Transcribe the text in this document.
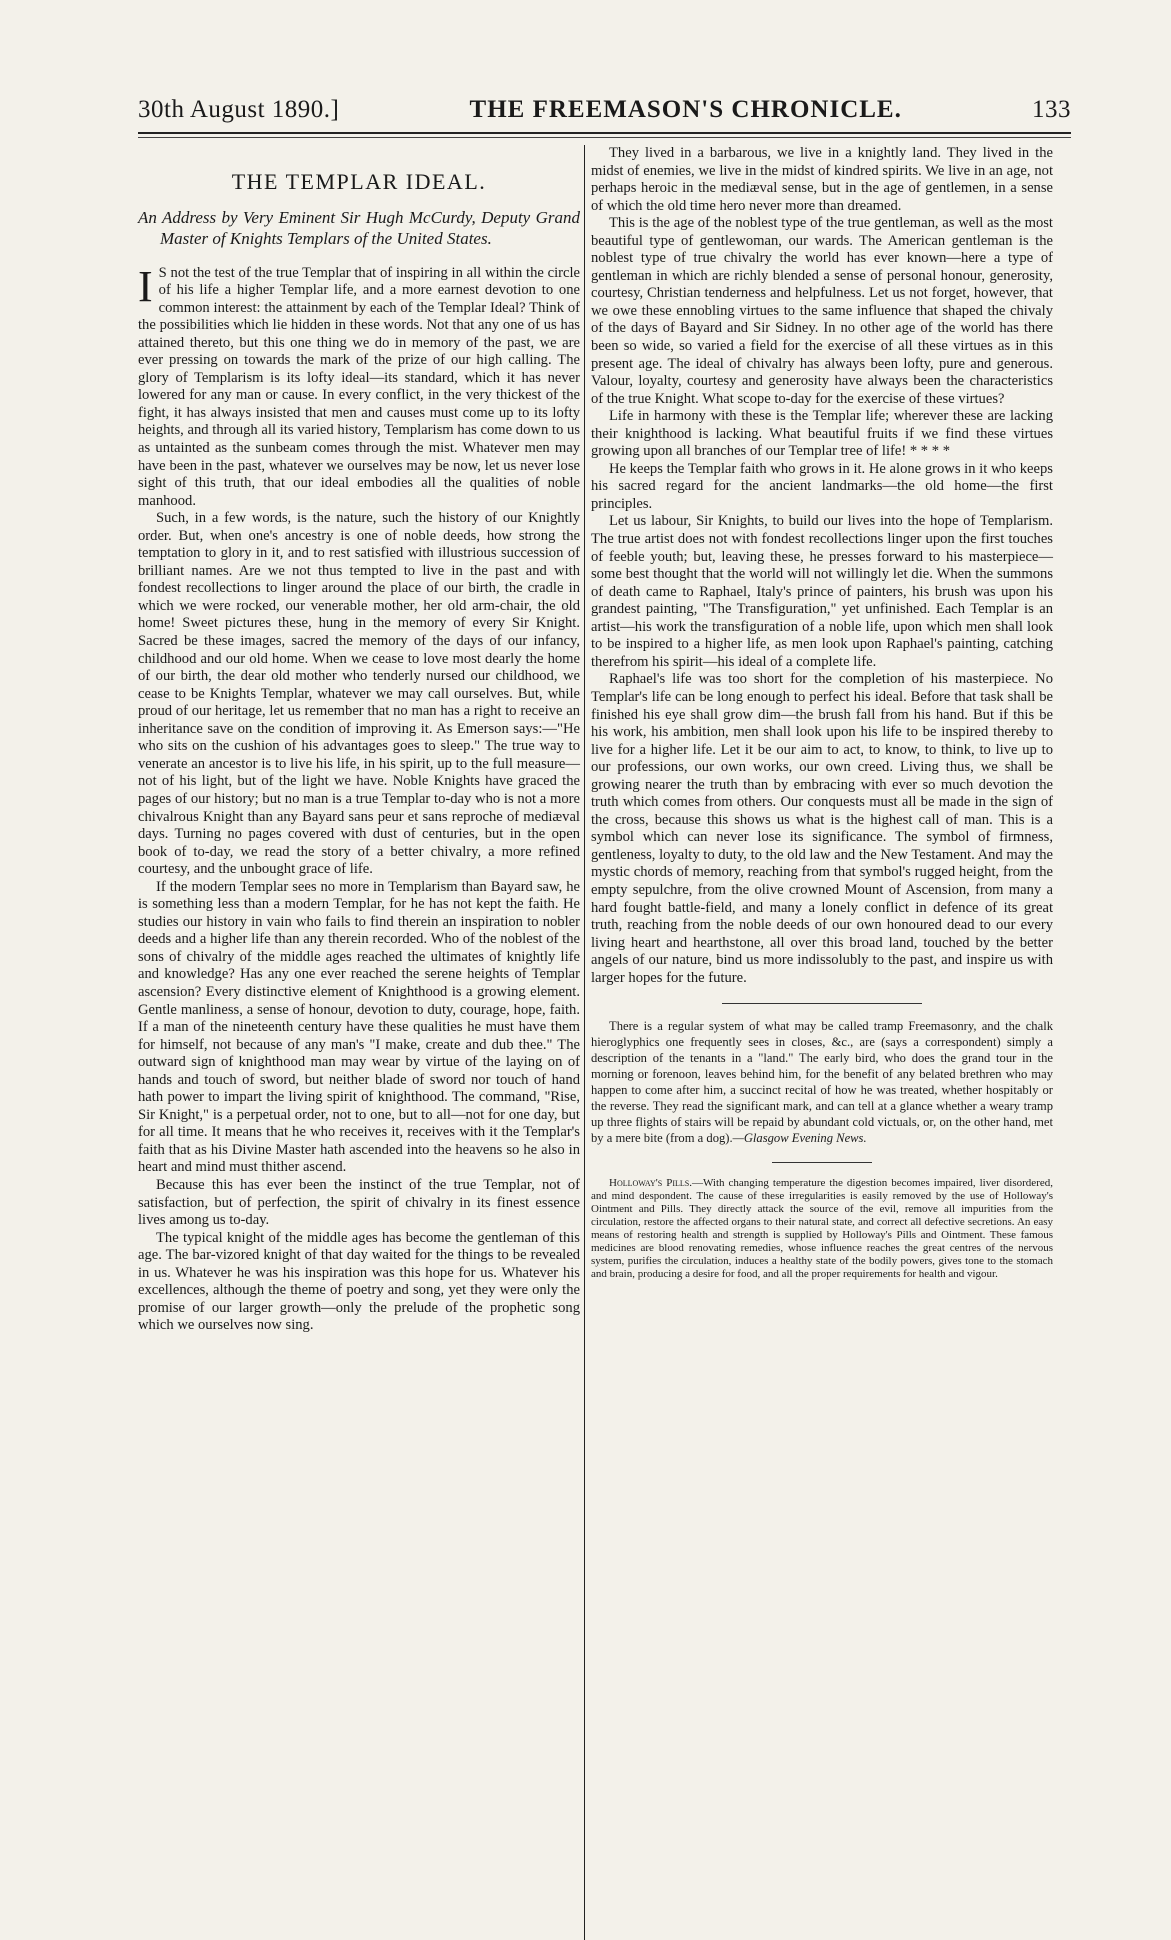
30th August 1890.]	THE FREEMASON'S CHRONICLE.	133
THE TEMPLAR IDEAL.
An Address by Very Eminent Sir Hugh McCurdy, Deputy Grand Master of Knights Templars of the United States.

I S not the test of the true Templar that of inspiring in all within the circle of his life a higher Templar life, and a more earnest devotion to one common interest: the attainment by each of the Templar Ideal? Think of the possibilities which lie hidden in these words. Not that any one of us has attained thereto, but this one thing we do in memory of the past, we are ever pressing on towards the mark of the prize of our high calling. The glory of Templarism is its lofty ideal—its standard, which it has never lowered for any man or cause. In every conflict, in the very thickest of the fight, it has always insisted that men and causes must come up to its lofty heights, and through all its varied history, Templarism has come down to us as untainted as the sunbeam comes through the mist. Whatever men may have been in the past, whatever we ourselves may be now, let us never lose sight of this truth, that our ideal embodies all the qualities of noble manhood.

Such, in a few words, is the nature, such the history of our Knightly order. But, when one's ancestry is one of noble deeds, how strong the temptation to glory in it, and to rest satisfied with illustrious succession of brilliant names. Are we not thus tempted to live in the past and with fondest recollections to linger around the place of our birth, the cradle in which we were rocked, our venerable mother, her old arm-chair, the old home! Sweet pictures these, hung in the memory of every Sir Knight. Sacred be these images, sacred the memory of the days of our infancy, childhood and our old home. When we cease to love most dearly the home of our birth, the dear old mother who tenderly nursed our childhood, we cease to be Knights Templar, whatever we may call ourselves. But, while proud of our heritage, let us remember that no man has a right to receive an inheritance save on the condition of improving it. As Emerson says:—"He who sits on the cushion of his advantages goes to sleep." The true way to venerate an ancestor is to live his life, in his spirit, up to the full measure—not of his light, but of the light we have. Noble Knights have graced the pages of our history; but no man is a true Templar to-day who is not a more chivalrous Knight than any Bayard sans peur et sans reproche of mediæval days. Turning no pages covered with dust of centuries, but in the open book of to-day, we read the story of a better chivalry, a more refined courtesy, and the unbought grace of life.

If the modern Templar sees no more in Templarism than Bayard saw, he is something less than a modern Templar, for he has not kept the faith. He studies our history in vain who fails to find therein an inspiration to nobler deeds and a higher life than any therein recorded. Who of the noblest of the sons of chivalry of the middle ages reached the ultimates of knightly life and knowledge? Has any one ever reached the serene heights of Templar ascension? Every distinctive element of Knighthood is a growing element. Gentle manliness, a sense of honour, devotion to duty, courage, hope, faith. If a man of the nineteenth century have these qualities he must have them for himself, not because of any man's "I make, create and dub thee." The outward sign of knighthood man may wear by virtue of the laying on of hands and touch of sword, but neither blade of sword nor touch of hand hath power to impart the living spirit of knighthood. The command, "Rise, Sir Knight," is a perpetual order, not to one, but to all—not for one day, but for all time. It means that he who receives it, receives with it the Templar's faith that as his Divine Master hath ascended into the heavens so he also in heart and mind must thither ascend.

Because this has ever been the instinct of the true Templar, not of satisfaction, but of perfection, the spirit of chivalry in its finest essence lives among us to-day.

The typical knight of the middle ages has become the gentleman of this age. The bar-vizored knight of that day waited for the things to be revealed in us. Whatever he was his inspiration was this hope for us. Whatever his excellences, although the theme of poetry and song, yet they were only the promise of our larger growth—only the prelude of the prophetic song which we ourselves now sing.

They lived in a barbarous, we live in a knightly land. They lived in the midst of enemies, we live in the midst of kindred spirits. We live in an age, not perhaps heroic in the mediæval sense, but in the age of gentlemen, in a sense of which the old time hero never more than dreamed.

This is the age of the noblest type of the true gentleman, as well as the most beautiful type of gentlewoman, our wards. The American gentleman is the noblest type of true chivalry the world has ever known—here a type of gentleman in which are richly blended a sense of personal honour, generosity, courtesy, Christian tenderness and helpfulness. Let us not forget, however, that we owe these ennobling virtues to the same influence that shaped the chivaly of the days of Bayard and Sir Sidney. In no other age of the world has there been so wide, so varied a field for the exercise of all these virtues as in this present age. The ideal of chivalry has always been lofty, pure and generous. Valour, loyalty, courtesy and generosity have always been the characteristics of the true Knight. What scope to-day for the exercise of these virtues?

Life in harmony with these is the Templar life; wherever these are lacking their knighthood is lacking. What beautiful fruits if we find these virtues growing upon all branches of our Templar tree of life! * * * *

He keeps the Templar faith who grows in it. He alone grows in it who keeps his sacred regard for the ancient landmarks—the old home—the first principles.

Let us labour, Sir Knights, to build our lives into the hope of Templarism. The true artist does not with fondest recollections linger upon the first touches of feeble youth; but, leaving these, he presses forward to his masterpiece—some best thought that the world will not willingly let die. When the summons of death came to Raphael, Italy's prince of painters, his brush was upon his grandest painting, "The Transfiguration," yet unfinished. Each Templar is an artist—his work the transfiguration of a noble life, upon which men shall look to be inspired to a higher life, as men look upon Raphael's painting, catching therefrom his spirit—his ideal of a complete life.

Raphael's life was too short for the completion of his masterpiece. No Templar's life can be long enough to perfect his ideal. Before that task shall be finished his eye shall grow dim—the brush fall from his hand. But if this be his work, his ambition, men shall look upon his life to be inspired thereby to live for a higher life. Let it be our aim to act, to know, to think, to live up to our professions, our own works, our own creed. Living thus, we shall be growing nearer the truth than by embracing with ever so much devotion the truth which comes from others. Our conquests must all be made in the sign of the cross, because this shows us what is the highest call of man. This is a symbol which can never lose its significance. The symbol of firmness, gentleness, loyalty to duty, to the old law and the New Testament. And may the mystic chords of memory, reaching from that symbol's rugged height, from the empty sepulchre, from the olive crowned Mount of Ascension, from many a hard fought battle-field, and many a lonely conflict in defence of its great truth, reaching from the noble deeds of our own honoured dead to our every living heart and hearthstone, all over this broad land, touched by the better angels of our nature, bind us more indissolubly to the past, and inspire us with larger hopes for the future.

There is a regular system of what may be called tramp Freemasonry, and the chalk hieroglyphics one frequently sees in closes, &c., are (says a correspondent) simply a description of the tenants in a "land." The early bird, who does the grand tour in the morning or forenoon, leaves behind him, for the benefit of any belated brethren who may happen to come after him, a succinct recital of how he was treated, whether hospitably or the reverse. They read the significant mark, and can tell at a glance whether a weary tramp up three flights of stairs will be repaid by abundant cold victuals, or, on the other hand, met by a mere bite (from a dog).—Glasgow Evening News.

Holloway's Pills.—With changing temperature the digestion becomes impaired, liver disordered, and mind despondent. The cause of these irregularities is easily removed by the use of Holloway's Ointment and Pills. They directly attack the source of the evil, remove all impurities from the circulation, restore the affected organs to their natural state, and correct all defective secretions. An easy means of restoring health and strength is supplied by Holloway's Pills and Ointment. These famous medicines are blood renovating remedies, whose influence reaches the great centres of the nervous system, purifies the circulation, induces a healthy state of the bodily powers, gives tone to the stomach and brain, producing a desire for food, and all the proper requirements for health and vigour.
